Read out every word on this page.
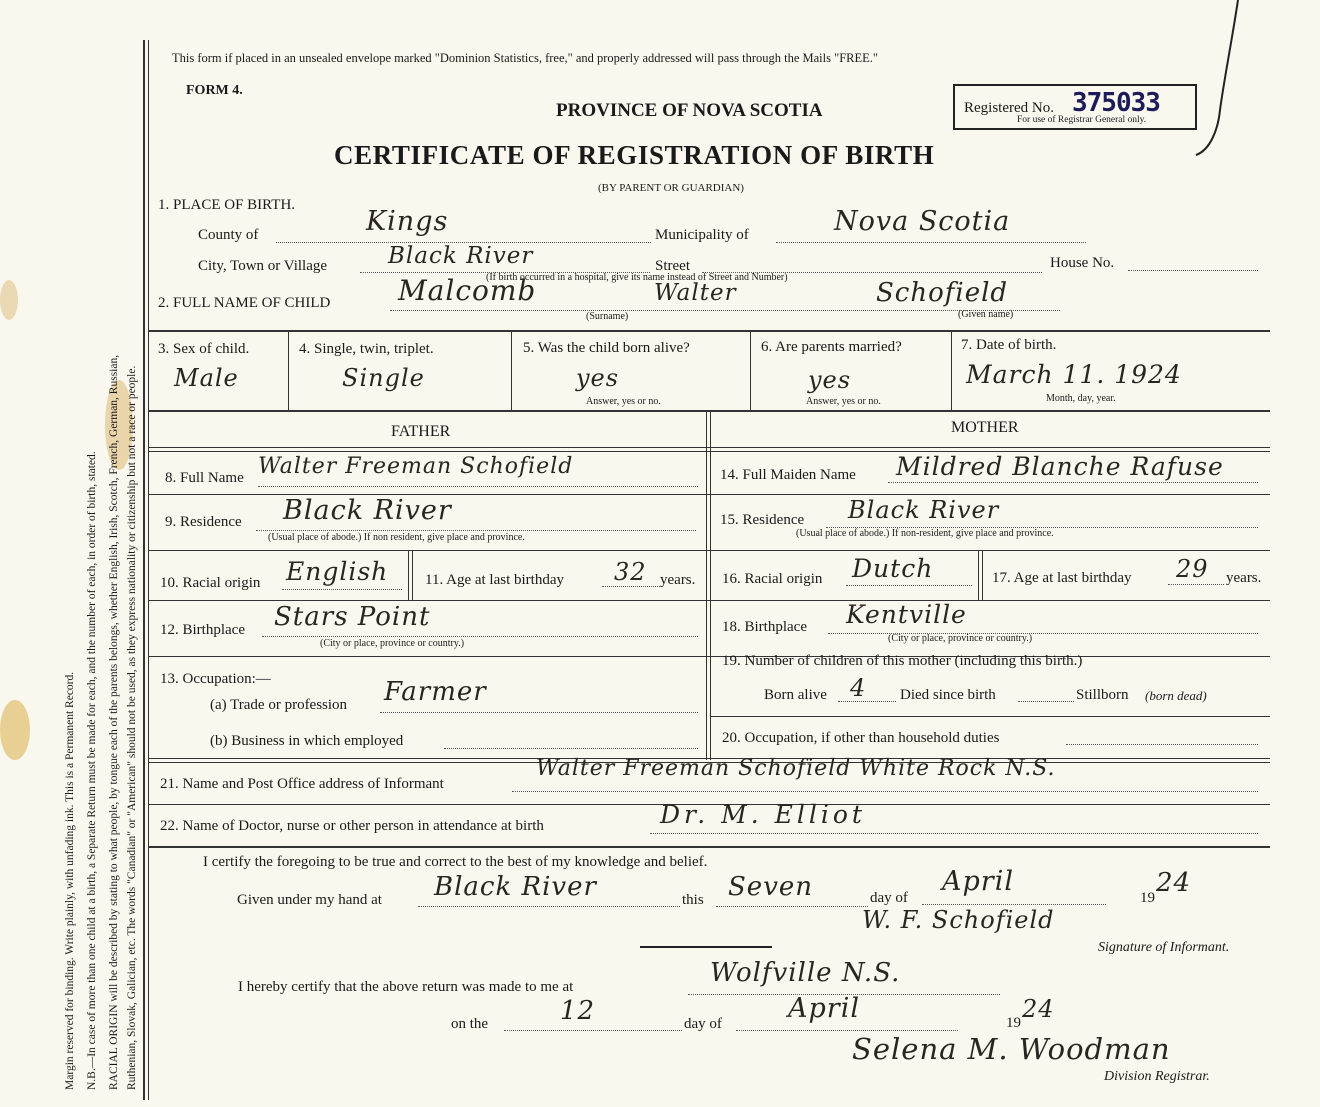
Margin reserved for binding. Write plainly, with unfading ink. This is a Permanent Record. N.B.—In case of more than one child at a birth, a Separate Return must be made for each, and the number of each, in order of birth, stated. RACIAL ORIGIN will be described by stating to what people, by tongue each of the parents belongs, whether English, Irish, Scotch, French, German, Russian, Ruthenian, Slovak, Galician, etc. The words "Canadian" or "American" should not be used, as they express nationality or citizenship but not a race or people.
This form if placed in an unsealed envelope marked "Dominion Statistics, free," and properly addressed will pass through the Mails "FREE."
FORM 4.
PROVINCE OF NOVA SCOTIA
CERTIFICATE OF REGISTRATION OF BIRTH
(BY PARENT OR GUARDIAN)
Registered No. 375033
For use of Registrar General only.
1. PLACE OF BIRTH.
County of	Kings	Municipality of	Nova Scotia
City, Town or Village	Black River	Street	House No.
(If birth occurred in a hospital, give its name instead of Street and Number)
2. FULL NAME OF CHILD Malcomb	Walter	Schofield
(Surname)	(Given name)
3. Sex of child.
Male
4. Single, twin, triplet.
Single
5. Was the child born alive?
yes
Answer, yes or no.
6. Are parents married?
yes
Answer, yes or no.
7. Date of birth.
March 11. 1924
Month, day, year.
FATHER	MOTHER
8. Full Name Walter Freeman Schofield
9. Residence Black River
(Usual place of abode.) If non resident, give place and province.
10. Racial origin English 11. Age at last birthday 32 years.
12. Birthplace Stars Point
(City or place, province or country.)
13. Occupation:—
(a) Trade or profession Farmer
(b) Business in which employed
14. Full Maiden Name Mildred Blanche Rafuse
15. Residence Black River
(Usual place of abode.) If non-resident, give place and province.
16. Racial origin Dutch	17. Age at last birthday 29 years.
18. Birthplace Kentville
(City or place, province or country.)
19. Number of children of this mother (including this birth.)
Born alive 4 Died since birth	Stillborn (born dead)
20. Occupation, if other than household duties
21. Name and Post Office address of Informant
Walter Freeman Schofield White Rock N.S.
22. Name of Doctor, nurse or other person in attendance at birth	Dr. M. Elliot
I certify the foregoing to be true and correct to the best of my knowledge and belief.
Given under my hand at Black River	this Seven	day of
April
19 24
W. F. Schofield
Signature of Informant.
I hereby certify that the above return was made to me at	Wolfville N.S.
on the	12	day of April	19 24
Selena M. Woodman
Division Registrar.
